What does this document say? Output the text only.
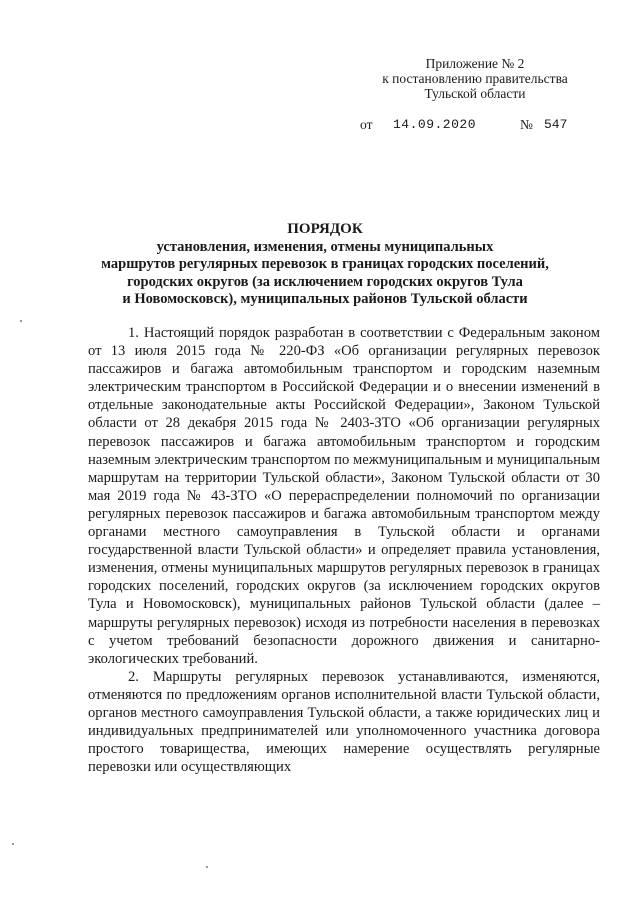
Приложение № 2
к постановлению правительства
Тульской области
от 14.09.2020	№ 547
ПОРЯДОК
установления, изменения, отмены муниципальных
маршрутов регулярных перевозок в границах городских поселений,
городских округов (за исключением городских округов Тула
и Новомосковск), муниципальных районов Тульской области

1. Настоящий порядок разработан в соответствии с Федеральным законом от 13 июля 2015 года № 220-ФЗ «Об организации регулярных перевозок пассажиров и багажа автомобильным транспортом и городским наземным электрическим транспортом в Российской Федерации и о внесении изменений в отдельные законодательные акты Российской Федерации», Законом Тульской области от 28 декабря 2015 года № 2403-ЗТО «Об организации регулярных перевозок пассажиров и багажа автомобильным транспортом и городским наземным электрическим транспортом по межмуниципальным и муниципальным маршрутам на территории Тульской области», Законом Тульской области от 30 мая 2019 года № 43-ЗТО «О перераспределении полномочий по организации регулярных перевозок пассажиров и багажа автомобильным транспортом между органами местного самоуправления в Тульской области и органами государственной власти Тульской области» и определяет правила установления, изменения, отмены муниципальных маршрутов регулярных перевозок в границах городских поселений, городских округов (за исключением городских округов Тула и Новомосковск), муниципальных районов Тульской области (далее – маршруты регулярных перевозок) исходя из потребности населения в перевозках с учетом требований безопасности дорожного движения и санитарно-экологических требований.

2. Маршруты регулярных перевозок устанавливаются, изменяются, отменяются по предложениям органов исполнительной власти Тульской области, органов местного самоуправления Тульской области, а также юридических лиц и индивидуальных предпринимателей или уполномоченного участника договора простого товарищества, имеющих намерение осуществлять регулярные перевозки или осуществляющих
